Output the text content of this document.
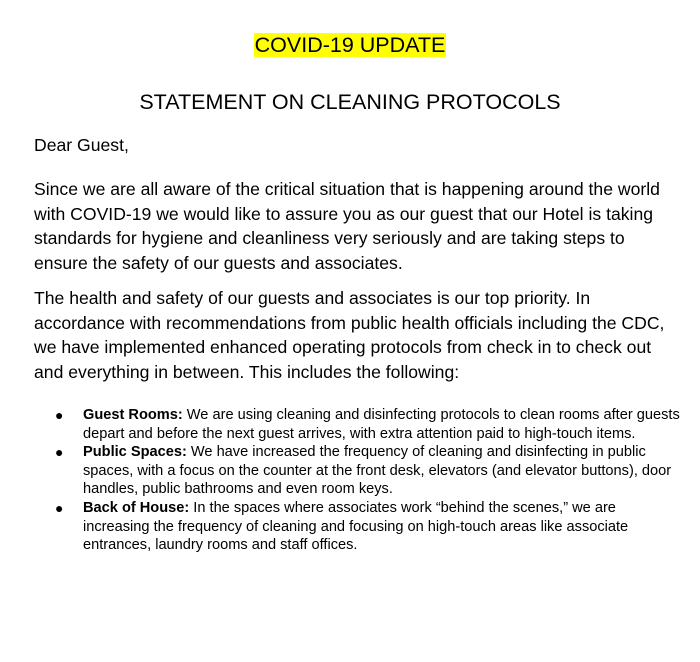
COVID-19 UPDATE
STATEMENT ON CLEANING PROTOCOLS

Dear Guest,

Since we are all aware of the critical situation that is happening around the world with COVID-19 we would like to assure you as our guest that our Hotel is taking standards for hygiene and cleanliness very seriously and are taking steps to ensure the safety of our guests and associates.

The health and safety of our guests and associates is our top priority. In accordance with recommendations from public health officials including the CDC, we have implemented enhanced operating protocols from check in to check out and everything in between. This includes the following:

● Guest Rooms: We are using cleaning and disinfecting protocols to clean rooms after guests depart and before the next guest arrives, with extra attention paid to high-touch items.
● Public Spaces: We have increased the frequency of cleaning and disinfecting in public spaces, with a focus on the counter at the front desk, elevators (and elevator buttons), door handles, public bathrooms and even room keys.
● Back of House: In the spaces where associates work “behind the scenes,” we are increasing the frequency of cleaning and focusing on high-touch areas like associate entrances, laundry rooms and staff offices.
